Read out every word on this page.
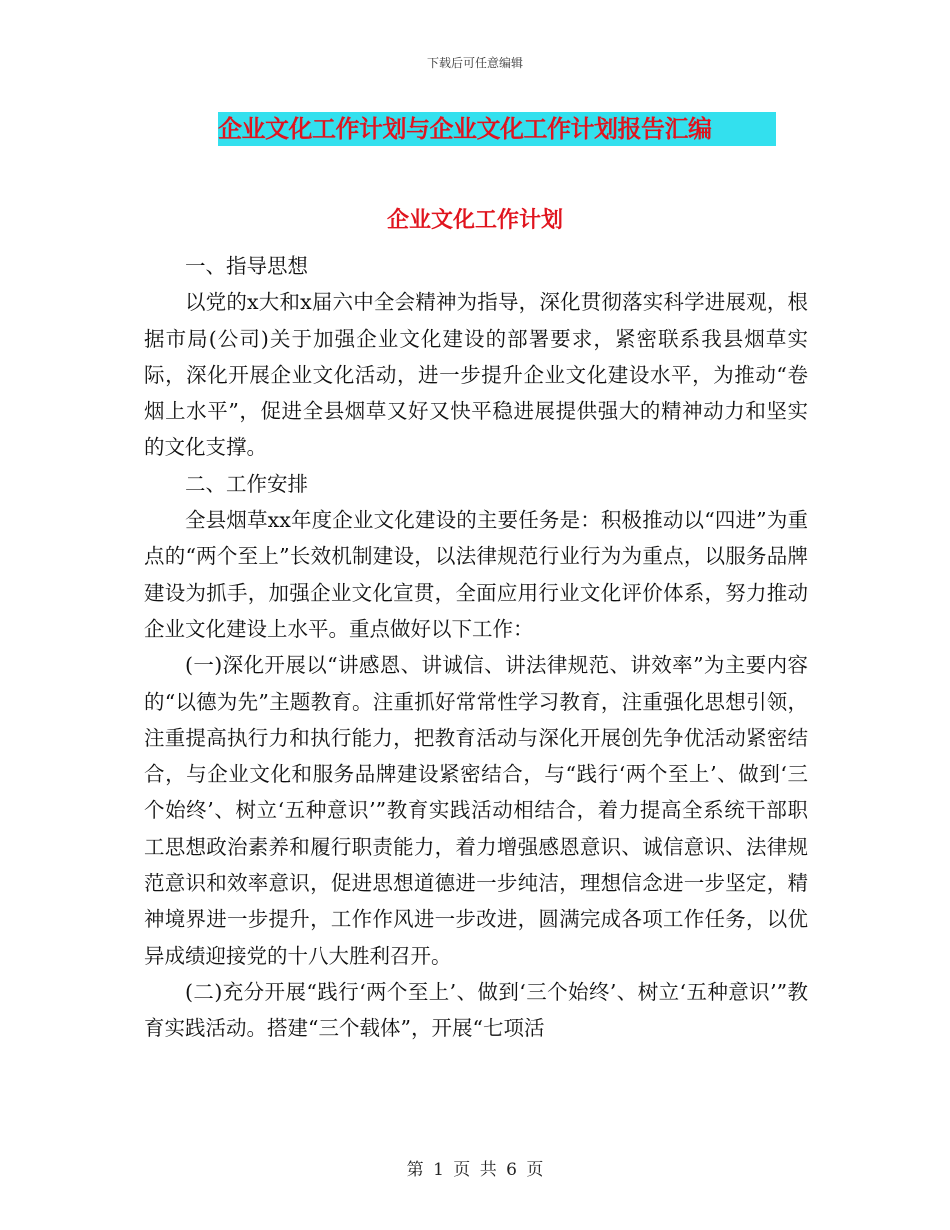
下载后可任意编辑
企业文化工作计划与企业文化工作计划报告汇编
企业文化工作计划

一、指导思想

以党的x大和x届六中全会精神为指导，深化贯彻落实科学进展观，根据市局(公司)关于加强企业文化建设的部署要求，紧密联系我县烟草实际，深化开展企业文化活动，进一步提升企业文化建设水平，为推动“卷烟上水平”，促进全县烟草又好又快平稳进展提供强大的精神动力和坚实的文化支撑。

二、工作安排

全县烟草xx年度企业文化建设的主要任务是：积极推动以“四进”为重点的“两个至上”长效机制建设，以法律规范行业行为为重点，以服务品牌建设为抓手，加强企业文化宣贯，全面应用行业文化评价体系，努力推动企业文化建设上水平。重点做好以下工作：

(一)深化开展以“讲感恩、讲诚信、讲法律规范、讲效率”为主要内容的“以德为先”主题教育。注重抓好常常性学习教育，注重强化思想引领，注重提高执行力和执行能力，把教育活动与深化开展创先争优活动紧密结合，与企业文化和服务品牌建设紧密结合，与“践行‘两个至上’、做到‘三个始终’、树立‘五种意识’”教育实践活动相结合，着力提高全系统干部职工思想政治素养和履行职责能力，着力增强感恩意识、诚信意识、法律规范意识和效率意识，促进思想道德进一步纯洁，理想信念进一步坚定，精神境界进一步提升，工作作风进一步改进，圆满完成各项工作任务，以优异成绩迎接党的十八大胜利召开。

(二)充分开展“践行‘两个至上’、做到‘三个始终’、树立‘五种意识’”教育实践活动。搭建“三个载体”，开展“七项活

第 1 页 共 6 页
